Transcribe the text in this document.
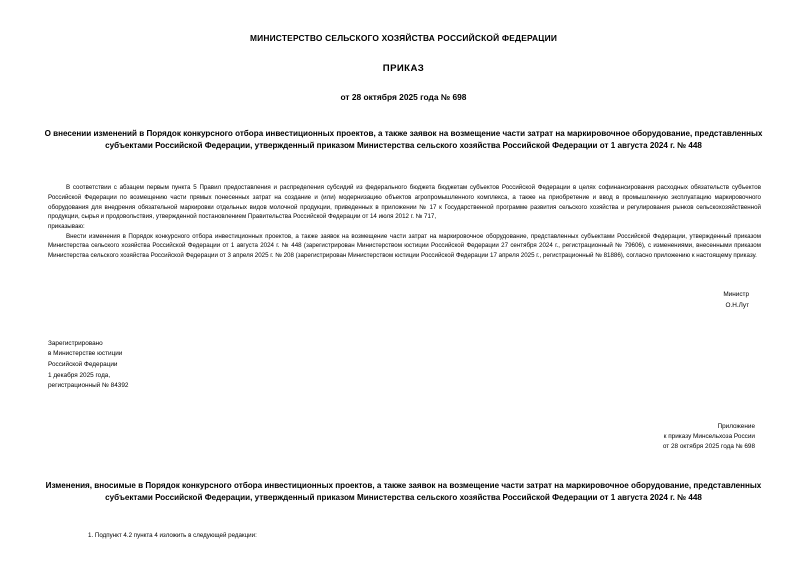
МИНИСТЕРСТВО СЕЛЬСКОГО ХОЗЯЙСТВА РОССИЙСКОЙ ФЕДЕРАЦИИ
ПРИКАЗ
от 28 октября 2025 года № 698
О внесении изменений в Порядок конкурсного отбора инвестиционных проектов, а также заявок на возмещение части затрат на маркировочное оборудование, представленных субъектами Российской Федерации, утвержденный приказом Министерства сельского хозяйства Российской Федерации от 1 августа 2024 г. № 448

В соответствии с абзацем первым пункта 5 Правил предоставления и распределения субсидий из федерального бюджета бюджетам субъектов Российской Федерации в целях софинансирования расходных обязательств субъектов Российской Федерации по возмещению части прямых понесенных затрат на создание и (или) модернизацию объектов агропромышленного комплекса, а также на приобретение и ввод в промышленную эксплуатацию маркировочного оборудования для внедрения обязательной маркировки отдельных видов молочной продукции, приведенных в приложении № 17 к Государственной программе развития сельского хозяйства и регулирования рынков сельскохозяйственной продукции, сырья и продовольствия, утвержденной постановлением Правительства Российской Федерации от 14 июля 2012 г. № 717,

приказываю:

Внести изменения в Порядок конкурсного отбора инвестиционных проектов, а также заявок на возмещение части затрат на маркировочное оборудование, представленных субъектами Российской Федерации, утвержденный приказом Министерства сельского хозяйства Российской Федерации от 1 августа 2024 г. № 448 (зарегистрирован Министерством юстиции Российской Федерации 27 сентября 2024 г., регистрационный № 79606), с изменениями, внесенными приказом Министерства сельского хозяйства Российской Федерации от 3 апреля 2025 г. № 208 (зарегистрирован Министерством юстиции Российской Федерации 17 апреля 2025 г., регистрационный № 81886), согласно приложению к настоящему приказу.

Министр
О.Н.Лут
Зарегистрировано
в Министерстве юстиции
Российской Федерации
1 декабря 2025 года,
регистрационный № 84392
Приложение
к приказу Минсельхоза России
от 28 октября 2025 года № 698
Изменения, вносимые в Порядок конкурсного отбора инвестиционных проектов, а также заявок на возмещение части затрат на маркировочное оборудование, представленных субъектами Российской Федерации, утвержденный приказом Министерства сельского хозяйства Российской Федерации от 1 августа 2024 г. № 448
1. Подпункт 4.2 пункта 4 изложить в следующей редакции:
